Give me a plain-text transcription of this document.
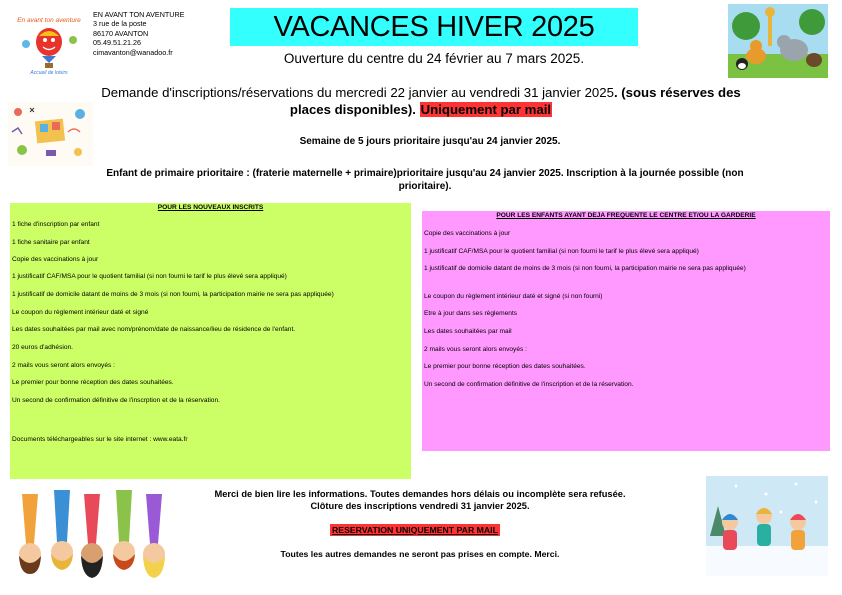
En avant ton aventure
Accueil de loisirs
EN AVANT TON AVENTURE
3 rue de la poste
86170 AVANTON
05.49.51.21.26
cimavanton@wanadoo.fr
VACANCES HIVER 2025
Ouverture du centre du 24 février au 7 mars 2025.
Demande d'inscriptions/réservations du mercredi 22 janvier au vendredi 31 janvier 2025. (sous réserves des places disponibles). Uniquement par mail
Semaine de 5 jours prioritaire jusqu'au 24 janvier 2025.
Enfant de primaire prioritaire : (fraterie maternelle + primaire)prioritaire jusqu'au 24 janvier 2025. Inscription à la journée possible (non prioritaire).
POUR LES NOUVEAUX INSCRITS
1 fiche d'inscription par enfant
1 fiche sanitaire par enfant
Copie des vaccinations à jour
1 justificatif CAF/MSA pour le quotient familial (si non fourni le tarif le plus élevé sera appliqué)
1 justificatif de domicile datant de moins de 3 mois (si non fourni, la participation mairie ne sera pas appliquée)
Le coupon du règlement intérieur daté et signé
Les dates souhaitées par mail avec nom/prénom/date de naissance/lieu de résidence de l'enfant.
20 euros d'adhésion.
2 mails vous seront alors envoyés :
Le premier pour bonne réception des dates souhaitées.
Un second de confirmation définitive de l'inscrption et de la réservation.
Documents téléchargeables sur le site internet : www.eata.fr
POUR LES ENFANTS AYANT DEJA FREQUENTE LE CENTRE ET/OU LA GARDERIE
Copie des vaccinations à jour
1 justificatif CAF/MSA pour le quotient familial (si non fourni le tarif le plus élevé sera appliqué)
1 justificatif de domicile datant de moins de 3 mois (si non fourni, la participation mairie ne sera pas appliquée)
Le coupon du règlement intérieur daté et signé (si non fourni)
Etre à jour dans ses règlements
Les dates souhaitées par mail
2 mails vous seront alors envoyés :
Le premier pour bonne réception des dates souhaitées.
Un second de confirmation définitive de l'inscription et de la réservation.
Merci de bien lire les informations. Toutes demandes hors délais ou incomplète sera refusée.
Clôture des inscriptions vendredi 31 janvier 2025.
RESERVATION UNIQUEMENT PAR MAIL
Toutes les autres demandes ne seront pas prises en compte. Merci.
